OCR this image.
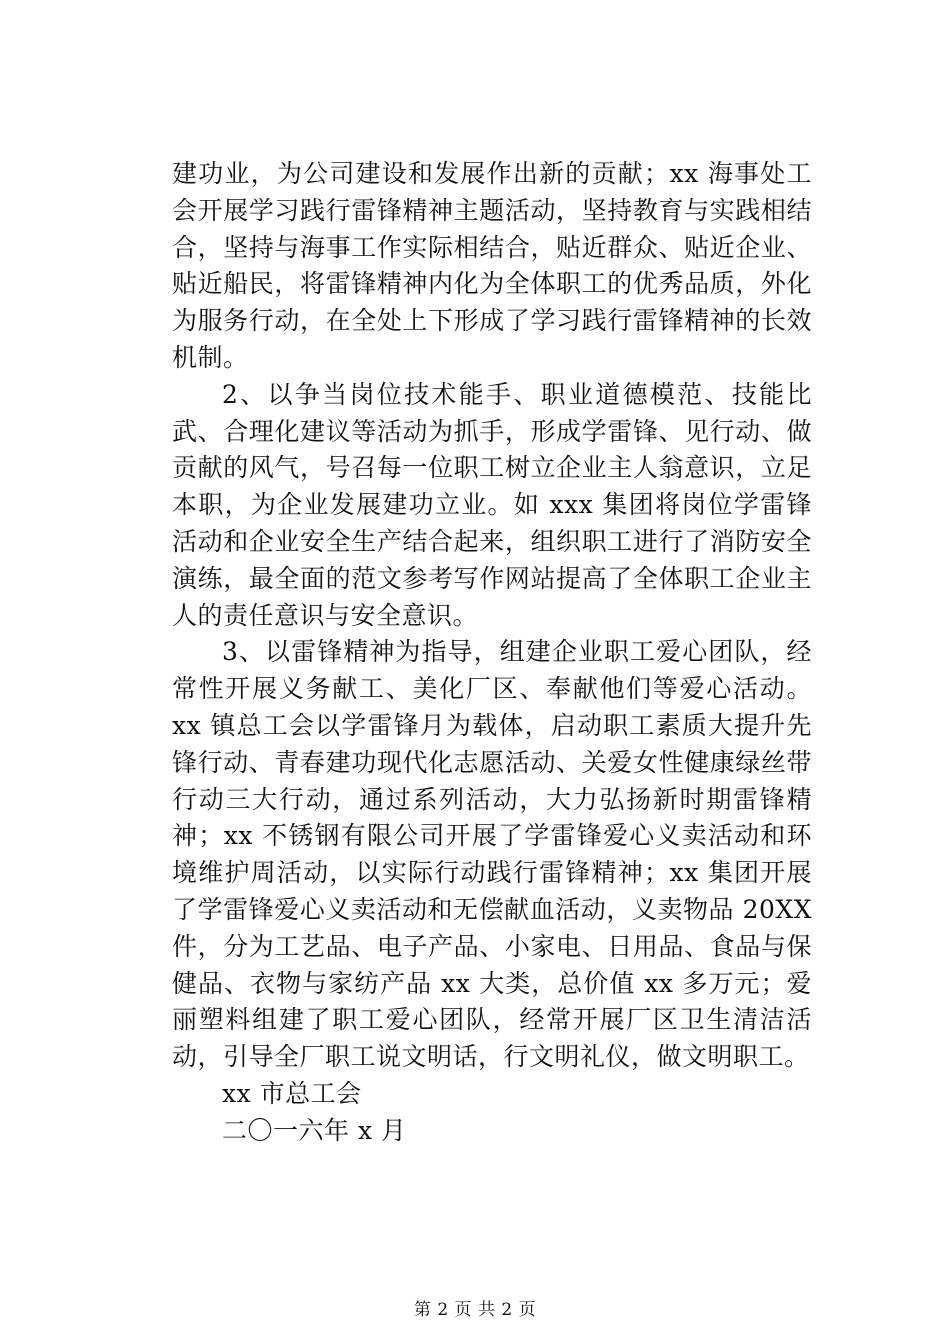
建功业，为公司建设和发展作出新的贡献；xx 海事处工会开展学习践行雷锋精神主题活动，坚持教育与实践相结合，坚持与海事工作实际相结合，贴近群众、贴近企业、贴近船民，将雷锋精神内化为全体职工的优秀品质，外化为服务行动，在全处上下形成了学习践行雷锋精神的长效机制。

2、以争当岗位技术能手、职业道德模范、技能比武、合理化建议等活动为抓手，形成学雷锋、见行动、做贡献的风气，号召每一位职工树立企业主人翁意识，立足本职，为企业发展建功立业。如 xxx 集团将岗位学雷锋活动和企业安全生产结合起来，组织职工进行了消防安全演练，最全面的范文参考写作网站提高了全体职工企业主人的责任意识与安全意识。

3、以雷锋精神为指导，组建企业职工爱心团队，经常性开展义务献工、美化厂区、奉献他们等爱心活动。xx 镇总工会以学雷锋月为载体，启动职工素质大提升先锋行动、青春建功现代化志愿活动、关爱女性健康绿丝带行动三大行动，通过系列活动，大力弘扬新时期雷锋精神；xx 不锈钢有限公司开展了学雷锋爱心义卖活动和环境维护周活动，以实际行动践行雷锋精神；xx 集团开展了学雷锋爱心义卖活动和无偿献血活动，义卖物品 20XX 件，分为工艺品、电子产品、小家电、日用品、食品与保健品、衣物与家纺产品 xx 大类，总价值 xx 多万元；爱丽塑料组建了职工爱心团队，经常开展厂区卫生清洁活动，引导全厂职工说文明话，行文明礼仪，做文明职工。

xx 市总工会

二〇一六年 x 月

第 2 页 共 2 页
